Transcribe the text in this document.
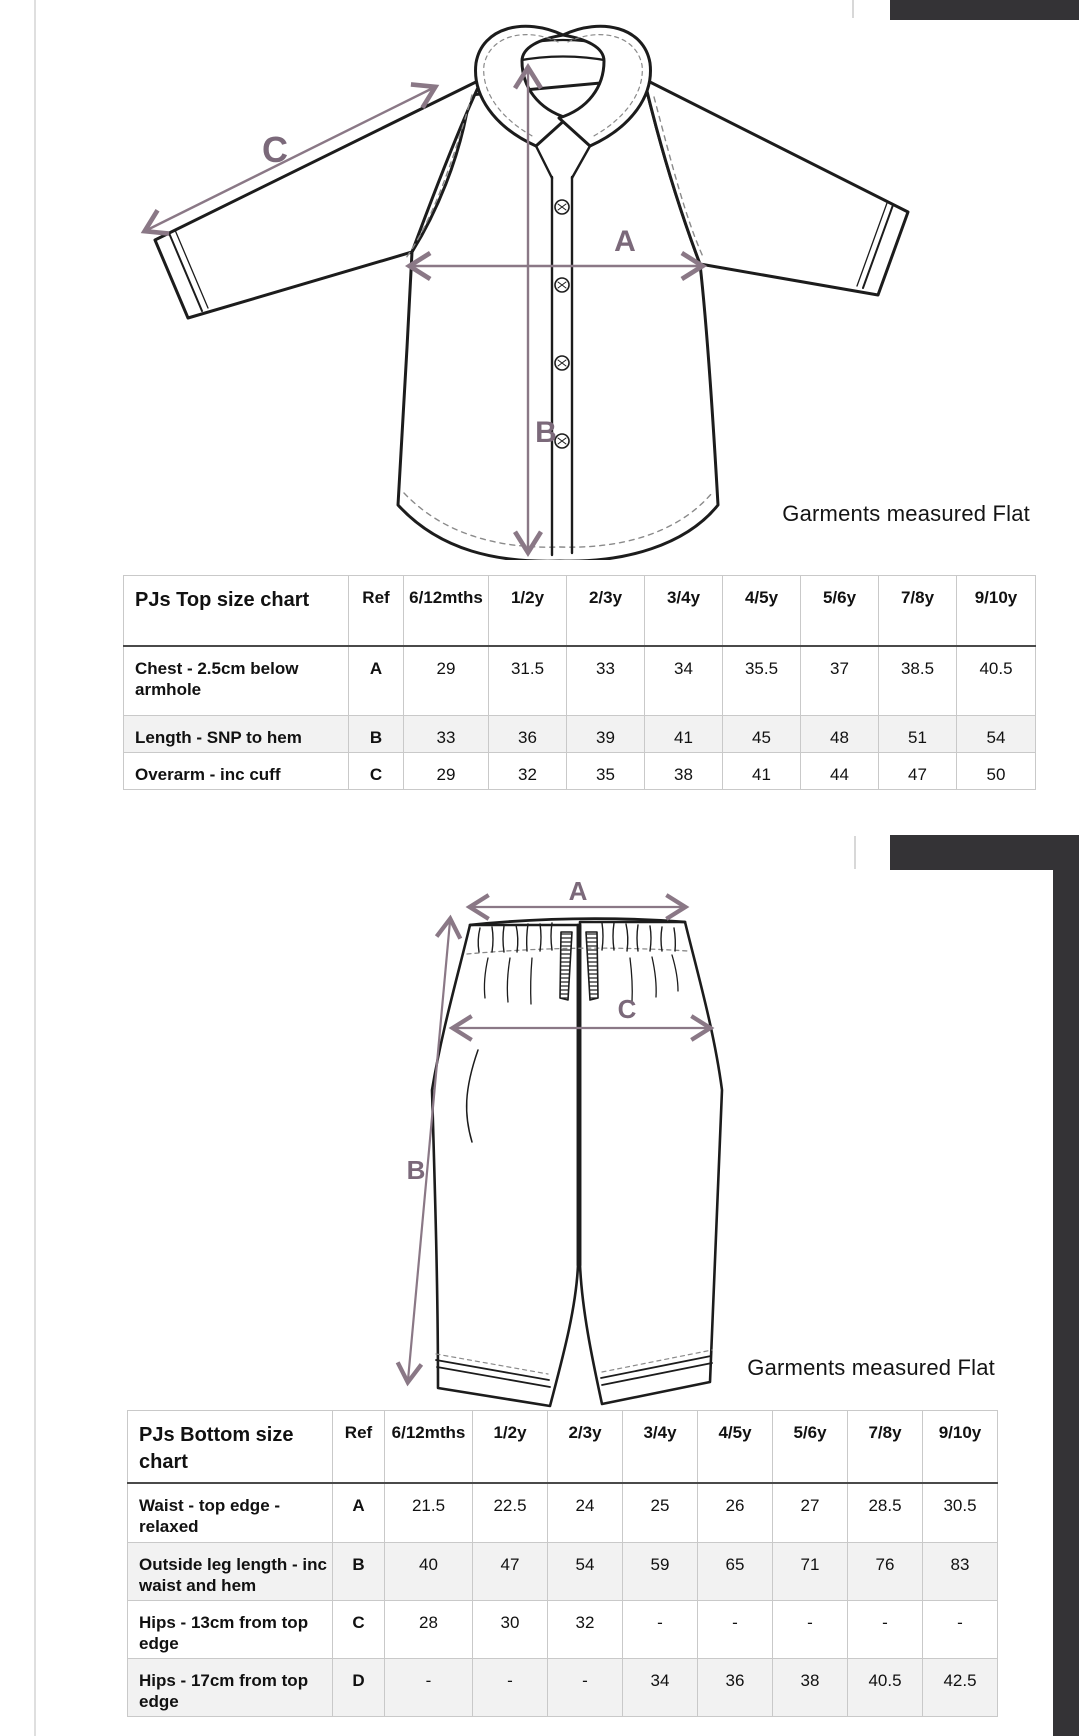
C
A
B
Garments measured Flat
PJs Top size chart	Ref	6/12mths	1/2y	2/3y	3/4y	4/5y	5/6y	7/8y	9/10y
Chest - 2.5cm below armhole	A	29	31.5	33	34	35.5	37	38.5	40.5
Length - SNP to hem	B	33	36	39	41	45	48	51	54
Overarm - inc cuff	C	29	32	35	38	41	44	47	50
A
C
B
Garments measured Flat
PJs Bottom size chart	Ref	6/12mths	1/2y	2/3y	3/4y	4/5y	5/6y	7/8y	9/10y
Waist - top edge - relaxed	A	21.5	22.5	24	25	26	27	28.5	30.5
Outside leg length - inc waist and hem	B	40	47	54	59	65	71	76	83
Hips - 13cm from top edge	C	28	30	32	-	-	-	-	-
Hips - 17cm from top edge	D	-	-	-	34	36	38	40.5	42.5
